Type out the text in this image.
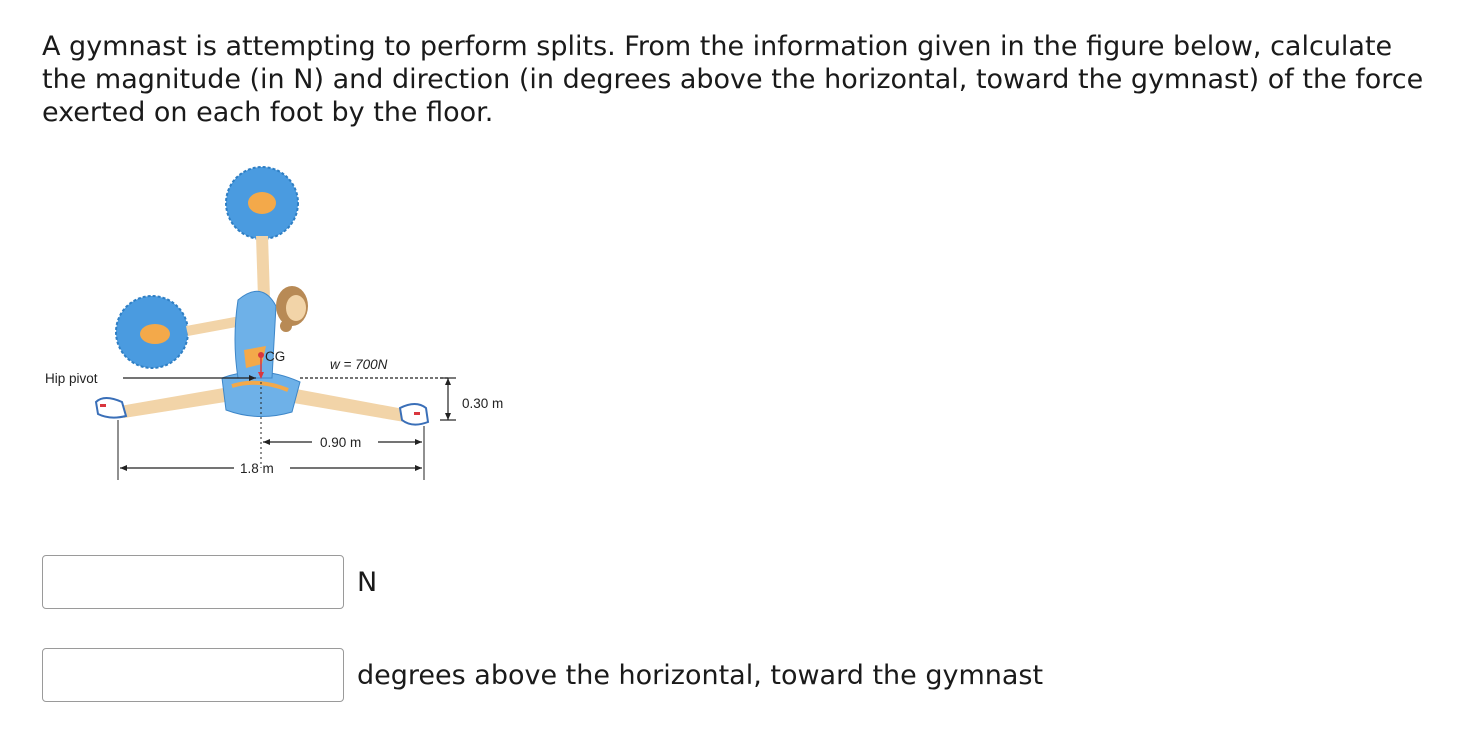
A gymnast is attempting to perform splits. From the information given in the figure below, calculate the magnitude (in N) and direction (in degrees above the horizontal, toward the gymnast) of the force exerted on each foot by the floor.

Hip pivot
CG
w = 700N
0.30 m
0.90 m
1.8 m
N
degrees above the horizontal, toward the gymnast
